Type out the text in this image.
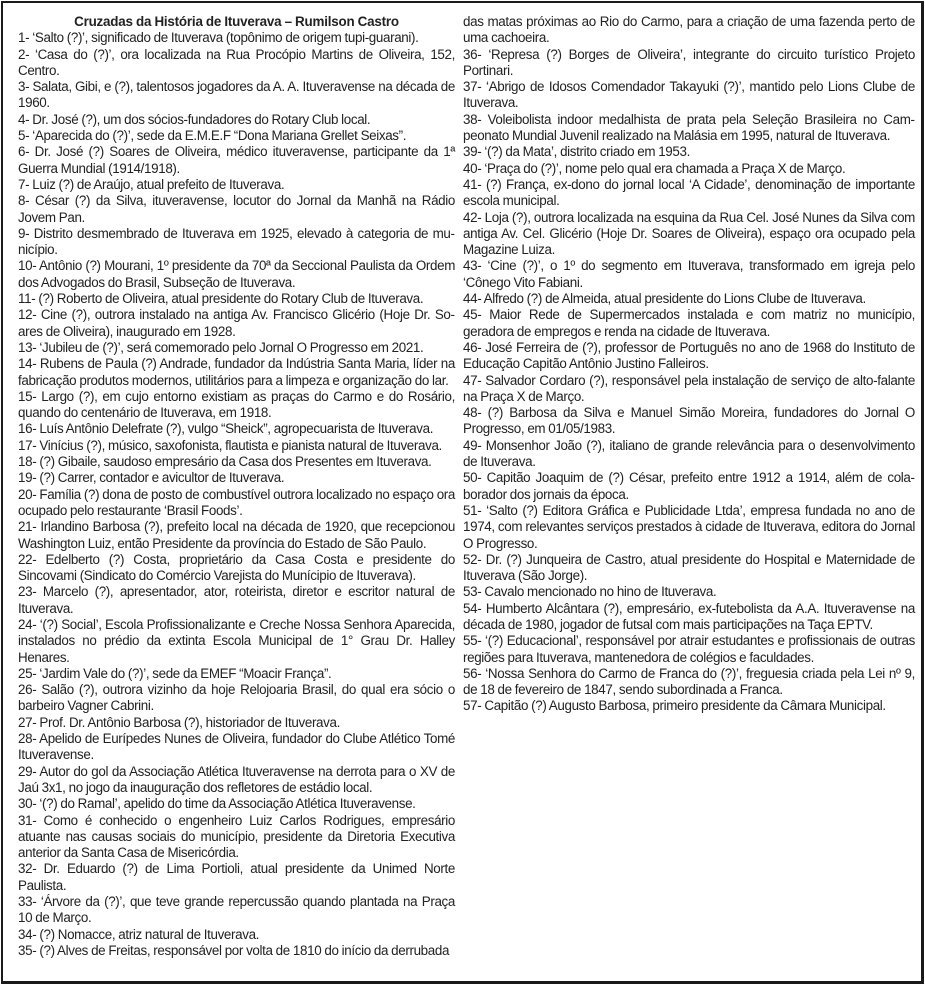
Cruzadas da História de Ituverava – Rumilson Castro

1- ‘Salto (?)’, significado de Ituverava (topônimo de origem tupi-guarani).

2- ‘Casa do (?)’, ora localizada na Rua Procópio Martins de Oliveira, 152, Centro.

3- Salata, Gibi, e (?), talentosos jogadores da A. A. Ituveravense na década de 1960.

4- Dr. José (?), um dos sócios-fundadores do Rotary Club local.

5- ‘Aparecida do (?)’, sede da E.M.E.F “Dona Mariana Grellet Seixas”.

6- Dr. José (?) Soares de Oliveira, médico ituveravense, participante da 1ª Guerra Mundial (1914/1918).

7- Luiz (?) de Araújo, atual prefeito de Ituverava.

8- César (?) da Silva, ituveravense, locutor do Jornal da Manhã na Rádio Jovem Pan.

9- Distrito desmembrado de Ituverava em 1925, elevado à categoria de município.

10- Antônio (?) Mourani, 1º presidente da 70ª da Seccional Paulista da Ordem dos Advogados do Brasil, Subseção de Ituverava.

11- (?) Roberto de Oliveira, atual presidente do Rotary Club de Ituverava.

12- Cine (?), outrora instalado na antiga Av. Francisco Glicério (Hoje Dr. Soares de Oliveira), inaugurado em 1928.

13- ‘Jubileu de (?)’, será comemorado pelo Jornal O Progresso em 2021.

14- Rubens de Paula (?) Andrade, fundador da Indústria Santa Maria, líder na fabricação produtos modernos, utilitários para a limpeza e organização do lar.

15- Largo (?), em cujo entorno existiam as praças do Carmo e do Rosário, quando do centenário de Ituverava, em 1918.

16- Luís Antônio Delefrate (?), vulgo “Sheick”, agropecuarista de Ituverava.

17- Vinícius (?), músico, saxofonista, flautista e pianista natural de Ituverava.

18- (?) Gibaile, saudoso empresário da Casa dos Presentes em Ituverava.

19- (?) Carrer, contador e avicultor de Ituverava.

20- Família (?) dona de posto de combustível outrora localizado no espaço ora ocupado pelo restaurante ‘Brasil Foods’.

21- Irlandino Barbosa (?), prefeito local na década de 1920, que recepcionou Washington Luiz, então Presidente da província do Estado de São Paulo.

22- Edelberto (?) Costa, proprietário da Casa Costa e presidente do Sincovami (Sindicato do Comércio Varejista do Munícipio de Ituverava).

23- Marcelo (?), apresentador, ator, roteirista, diretor e escritor natural de Ituverava.

24- ‘(?) Social’, Escola Profissionalizante e Creche Nossa Senhora Aparecida, instalados no prédio da extinta Escola Municipal de 1° Grau Dr. Halley Henares.

25- ‘Jardim Vale do (?)’, sede da EMEF “Moacir França”.

26- Salão (?), outrora vizinho da hoje Relojoaria Brasil, do qual era sócio o barbeiro Vagner Cabrini.

27- Prof. Dr. Antônio Barbosa (?), historiador de Ituverava.

28- Apelido de Eurípedes Nunes de Oliveira, fundador do Clube Atlético Tomé Ituveravense.

29- Autor do gol da Associação Atlética Ituveravense na derrota para o XV de Jaú 3x1, no jogo da inauguração dos refletores de estádio local.

30- ‘(?) do Ramal’, apelido do time da Associação Atlética Ituveravense.

31- Como é conhecido o engenheiro Luiz Carlos Rodrigues, empresário atuante nas causas sociais do município, presidente da Diretoria Executiva anterior da Santa Casa de Misericórdia.

32- Dr. Eduardo (?) de Lima Portioli, atual presidente da Unimed Norte Paulista.

33- ‘Árvore da (?)’, que teve grande repercussão quando plantada na Praça 10 de Março.

34- (?) Nomacce, atriz natural de Ituverava.

35- (?) Alves de Freitas, responsável por volta de 1810 do início da derrubada

das matas próximas ao Rio do Carmo, para a criação de uma fazenda perto de uma cachoeira.

36- ‘Represa (?) Borges de Oliveira’, integrante do circuito turístico Projeto Portinari.

37- ‘Abrigo de Idosos Comendador Takayuki (?)’, mantido pelo Lions Clube de Ituverava.

38- Voleibolista indoor medalhista de prata pela Seleção Brasileira no Campeonato Mundial Juvenil realizado na Malásia em 1995, natural de Ituverava.

39- ‘(?) da Mata’, distrito criado em 1953.

40- ‘Praça do (?)’, nome pelo qual era chamada a Praça X de Março.

41- (?) França, ex-dono do jornal local ‘A Cidade’, denominação de importante escola municipal.

42- Loja (?), outrora localizada na esquina da Rua Cel. José Nunes da Silva com antiga Av. Cel. Glicério (Hoje Dr. Soares de Oliveira), espaço ora ocupado pela Magazine Luiza.

43- ‘Cine (?)’, o 1º do segmento em Ituverava, transformado em igreja pelo ‘Cônego Vito Fabiani.

44- Alfredo (?) de Almeida, atual presidente do Lions Clube de Ituverava.

45- Maior Rede de Supermercados instalada e com matriz no município, geradora de empregos e renda na cidade de Ituverava.

46- José Ferreira de (?), professor de Português no ano de 1968 do Instituto de Educação Capitão Antônio Justino Falleiros.

47- Salvador Cordaro (?), responsável pela instalação de serviço de alto-falante na Praça X de Março.

48- (?) Barbosa da Silva e Manuel Simão Moreira, fundadores do Jornal O Progresso, em 01/05/1983.

49- Monsenhor João (?), italiano de grande relevância para o desenvolvimento de Ituverava.

50- Capitão Joaquim de (?) César, prefeito entre 1912 a 1914, além de colaborador dos jornais da época.

51- ‘Salto (?) Editora Gráfica e Publicidade Ltda’, empresa fundada no ano de 1974, com relevantes serviços prestados à cidade de Ituverava, editora do Jornal O Progresso.

52- Dr. (?) Junqueira de Castro, atual presidente do Hospital e Maternidade de Ituverava (São Jorge).

53- Cavalo mencionado no hino de Ituverava.

54- Humberto Alcântara (?), empresário, ex-futebolista da A.A. Ituveravense na década de 1980, jogador de futsal com mais participações na Taça EPTV.

55- ‘(?) Educacional’, responsável por atrair estudantes e profissionais de outras regiões para Ituverava, mantenedora de colégios e faculdades.

56- ‘Nossa Senhora do Carmo de Franca do (?)’, freguesia criada pela Lei nº 9, de 18 de fevereiro de 1847, sendo subordinada a Franca.

57- Capitão (?) Augusto Barbosa, primeiro presidente da Câmara Municipal.
